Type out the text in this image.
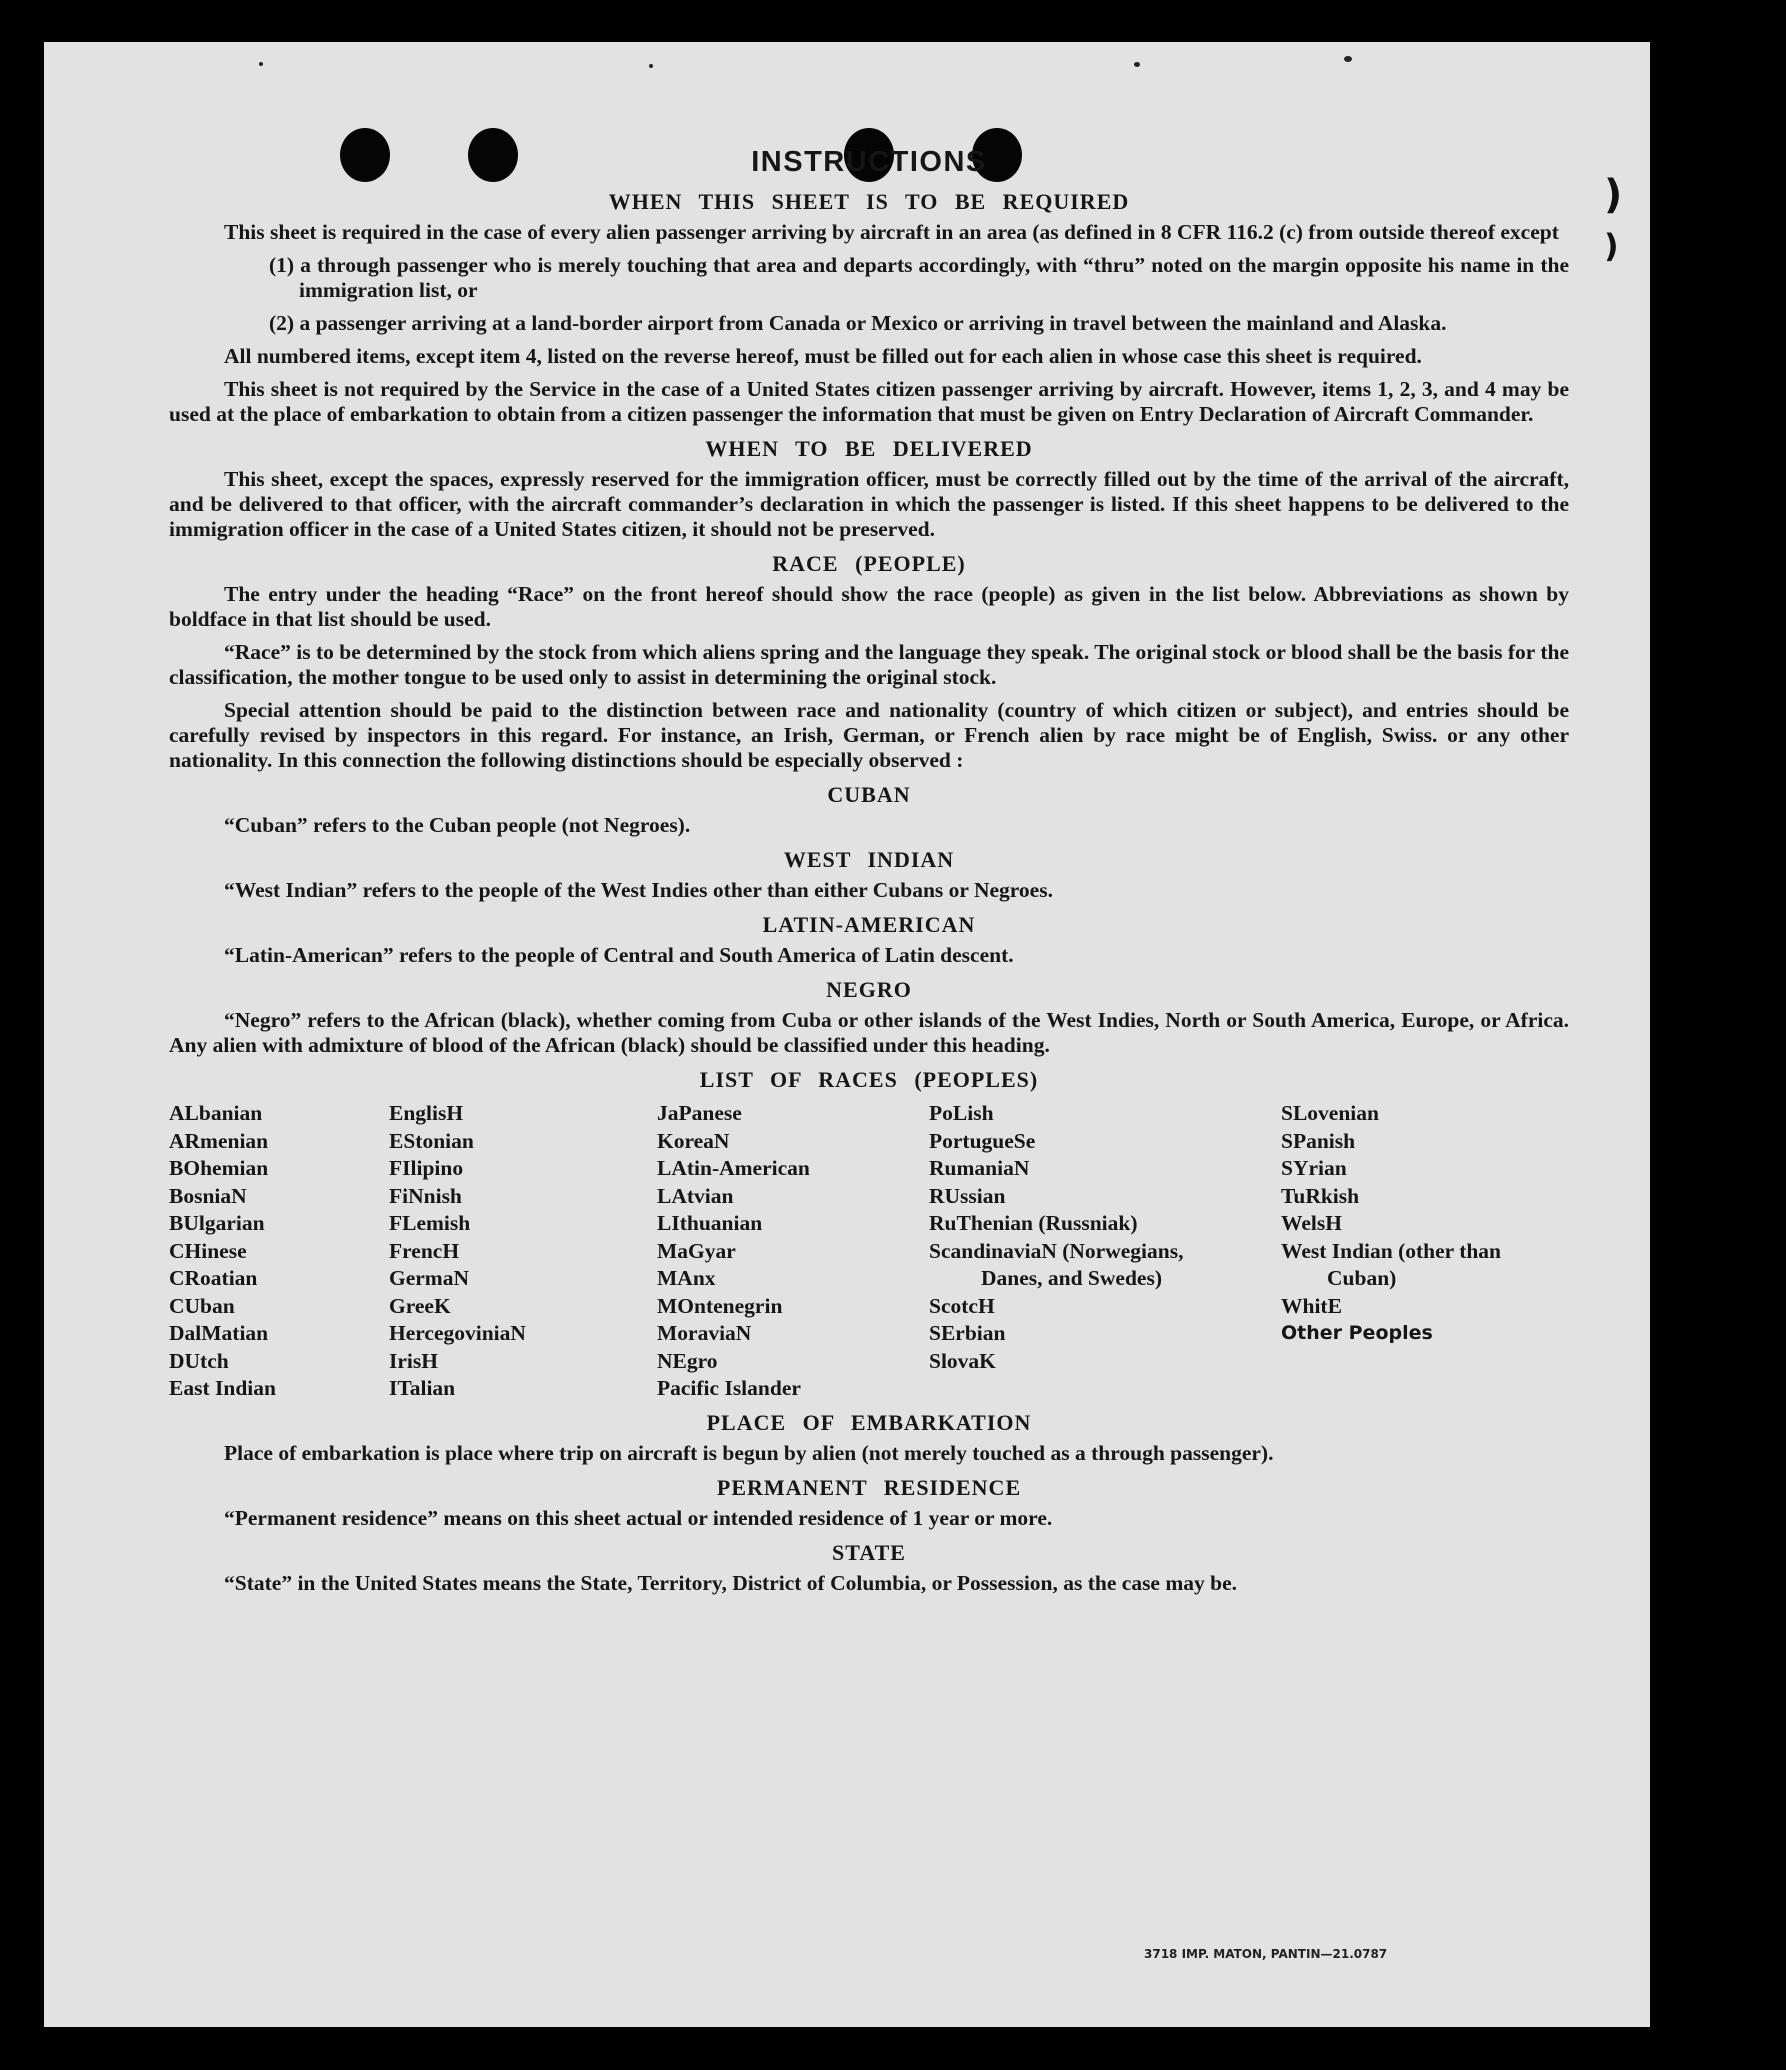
)
)
INSTRUCTIONS
WHEN THIS SHEET IS TO BE REQUIRED

This sheet is required in the case of every alien passenger arriving by aircraft in an area (as defined in 8 CFR 116.2 (c) from outside thereof except

(1) a through passenger who is merely touching that area and departs accordingly, with “thru” noted on the margin opposite his name in the immigration list, or

(2) a passenger arriving at a land-border airport from Canada or Mexico or arriving in travel between the mainland and Alaska.

All numbered items, except item 4, listed on the reverse hereof, must be filled out for each alien in whose case this sheet is required.

This sheet is not required by the Service in the case of a United States citizen passenger arriving by aircraft. However, items 1, 2, 3, and 4 may be used at the place of embarkation to obtain from a citizen passenger the information that must be given on Entry Declaration of Aircraft Commander.

WHEN TO BE DELIVERED

This sheet, except the spaces, expressly reserved for the immigration officer, must be correctly filled out by the time of the arrival of the aircraft, and be delivered to that officer, with the aircraft commander’s declaration in which the passenger is listed. If this sheet happens to be delivered to the immigration officer in the case of a United States citizen, it should not be preserved.

RACE (PEOPLE)

The entry under the heading “Race” on the front hereof should show the race (people) as given in the list below. Abbreviations as shown by boldface in that list should be used.

“Race” is to be determined by the stock from which aliens spring and the language they speak. The original stock or blood shall be the basis for the classification, the mother tongue to be used only to assist in determining the original stock.

Special attention should be paid to the distinction between race and nationality (country of which citizen or subject), and entries should be carefully revised by inspectors in this regard. For instance, an Irish, German, or French alien by race might be of English, Swiss. or any other nationality. In this connection the following distinctions should be especially observed :

CUBAN

“Cuban” refers to the Cuban people (not Negroes).

WEST INDIAN

“West Indian” refers to the people of the West Indies other than either Cubans or Negroes.

LATIN-AMERICAN

“Latin-American” refers to the people of Central and South America of Latin descent.

NEGRO

“Negro” refers to the African (black), whether coming from Cuba or other islands of the West Indies, North or South America, Europe, or Africa. Any alien with admixture of blood of the African (black) should be classified under this heading.

LIST OF RACES (PEOPLES)
ALbanian
ARmenian
BOhemian
BosniaN
BUlgarian
CHinese
CRoatian
CUban
DalMatian
DUtch
East Indian
EnglisH
EStonian
FIlipino
FiNnish
FLemish
FrencH
GermaN
GreeK
HercegoviniaN
IrisH
ITalian
JaPanese
KoreaN
LAtin-American
LAtvian
LIthuanian
MaGyar
MAnx
MOntenegrin
MoraviaN
NEgro
Pacific Islander
PoLish
PortugueSe
RumaniaN
RUssian
RuThenian (Russniak)
ScandinaviaN (Norwegians, Danes, and Swedes)
ScotcH
SErbian
SlovaK
SLovenian
SPanish
SYrian
TuRkish
WelsH
West Indian (other than Cuban)
WhitE
Other Peoples
PLACE OF EMBARKATION

Place of embarkation is place where trip on aircraft is begun by alien (not merely touched as a through passenger).

PERMANENT RESIDENCE

“Permanent residence” means on this sheet actual or intended residence of 1 year or more.

STATE

“State” in the United States means the State, Territory, District of Columbia, or Possession, as the case may be.

3718 IMP. MATON, PANTIN—21.0787
